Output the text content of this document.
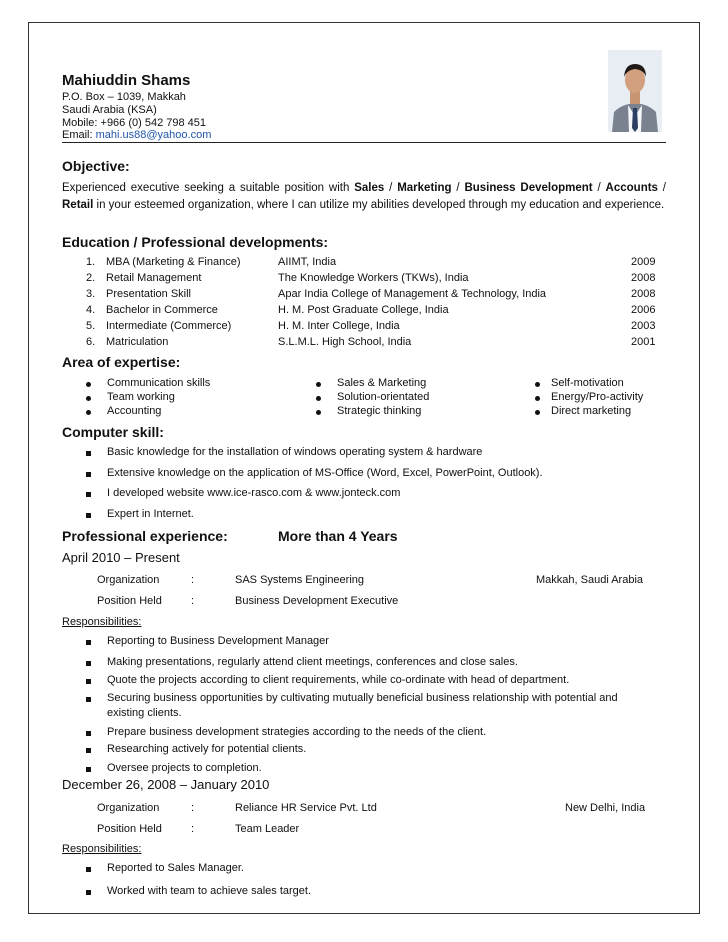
Mahiuddin Shams
P.O. Box – 1039, Makkah
Saudi Arabia (KSA)
Mobile: +966 (0) 542 798 451
Email: mahi.us88@yahoo.com
Objective:
Experienced executive seeking a suitable position with Sales / Marketing / Business Development / Accounts / Retail in your esteemed organization, where I can utilize my abilities developed through my education and experience.
Education / Professional developments:
1. MBA (Marketing & Finance)	AIIMT, India	2009
2. Retail Management	The Knowledge Workers (TKWs), India	2008
3. Presentation Skill	Apar India College of Management & Technology, India	2008
4. Bachelor in Commerce	H. M. Post Graduate College, India	2006
5. Intermediate (Commerce)	H. M. Inter College, India	2003
6. Matriculation	S.L.M.L. High School, India	2001
Area of expertise:
Communication skills
Team working
Accounting
Sales & Marketing
Solution-orientated
Strategic thinking
Self-motivation
Energy/Pro-activity
Direct marketing
Computer skill:
Basic knowledge for the installation of windows operating system & hardware
Extensive knowledge on the application of MS-Office (Word, Excel, PowerPoint, Outlook).
I developed website www.ice-rasco.com & www.jonteck.com
Expert in Internet.
Professional experience:	More than 4 Years
April 2010 – Present
Organization	:	SAS Systems Engineering	Makkah, Saudi Arabia
Position Held	:	Business Development Executive
Responsibilities:
Reporting to Business Development Manager
Making presentations, regularly attend client meetings, conferences and close sales.
Quote the projects according to client requirements, while co-ordinate with head of department.
Securing business opportunities by cultivating mutually beneficial business relationship with potential and
existing clients.
Prepare business development strategies according to the needs of the client.
Researching actively for potential clients.
Oversee projects to completion.
December 26, 2008 – January 2010
Organization	:	Reliance HR Service Pvt. Ltd	New Delhi, India
Position Held	:	Team Leader
Responsibilities:
Reported to Sales Manager.
Worked with team to achieve sales target.
